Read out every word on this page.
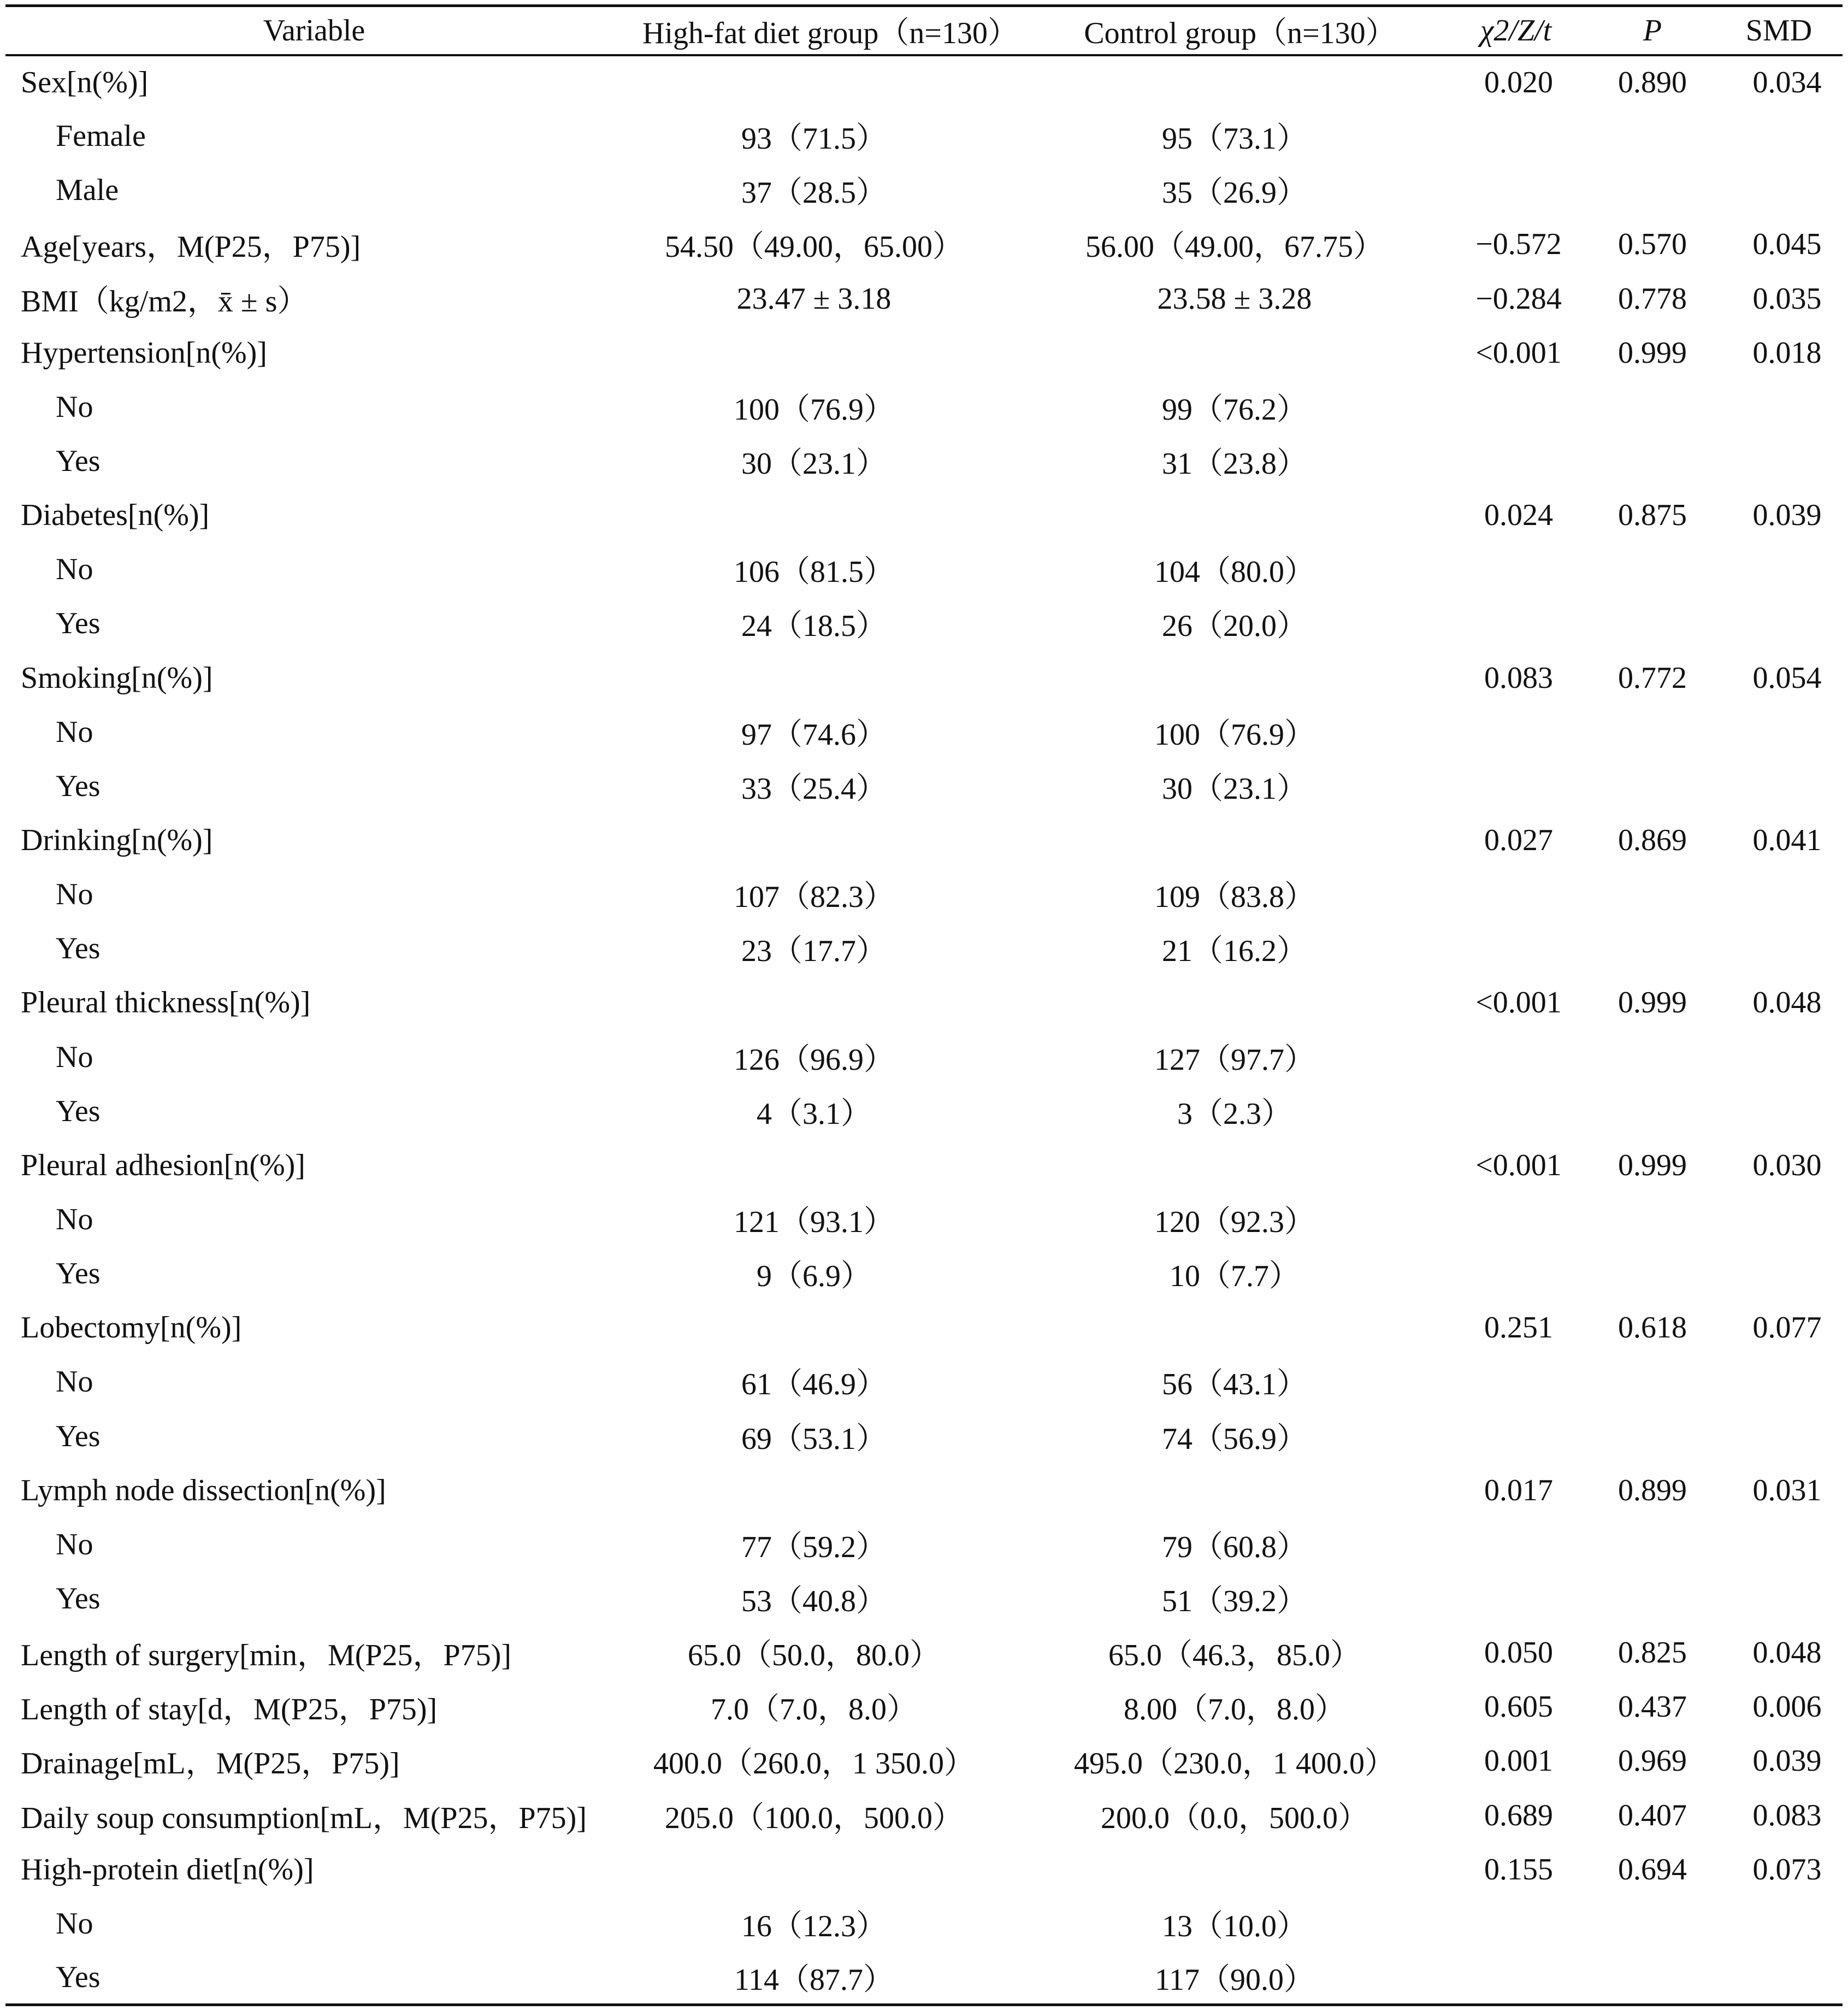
Variable	High-fat diet group（n=130）	Control group（n=130）	χ2/Z/t	P	SMD
Sex[n(%)]			0.020	0.890	0.034
Female	93（71.5）	95（73.1）			
Male	37（28.5）	35（26.9）			
Age[years，M(P25，P75)]	54.50（49.00，65.00）	56.00（49.00，67.75）	−0.572	0.570	0.045
BMI（kg/m2，x̄ ± s）	23.47 ± 3.18	23.58 ± 3.28	−0.284	0.778	0.035
Hypertension[n(%)]			<0.001	0.999	0.018
No	100（76.9）	99（76.2）			
Yes	30（23.1）	31（23.8）			
Diabetes[n(%)]			0.024	0.875	0.039
No	106（81.5）	104（80.0）			
Yes	24（18.5）	26（20.0）			
Smoking[n(%)]			0.083	0.772	0.054
No	97（74.6）	100（76.9）			
Yes	33（25.4）	30（23.1）			
Drinking[n(%)]			0.027	0.869	0.041
No	107（82.3）	109（83.8）			
Yes	23（17.7）	21（16.2）			
Pleural thickness[n(%)]			<0.001	0.999	0.048
No	126（96.9）	127（97.7）			
Yes	4（3.1）	3（2.3）			
Pleural adhesion[n(%)]			<0.001	0.999	0.030
No	121（93.1）	120（92.3）			
Yes	9（6.9）	10（7.7）			
Lobectomy[n(%)]			0.251	0.618	0.077
No	61（46.9）	56（43.1）			
Yes	69（53.1）	74（56.9）			
Lymph node dissection[n(%)]			0.017	0.899	0.031
No	77（59.2）	79（60.8）			
Yes	53（40.8）	51（39.2）			
Length of surgery[min，M(P25，P75)]	65.0（50.0，80.0）	65.0（46.3，85.0）	0.050	0.825	0.048
Length of stay[d，M(P25，P75)]	7.0（7.0，8.0）	8.00（7.0，8.0）	0.605	0.437	0.006
Drainage[mL，M(P25，P75)]	400.0（260.0，1 350.0）	495.0（230.0，1 400.0）	0.001	0.969	0.039
Daily soup consumption[mL，M(P25，P75)]	205.0（100.0，500.0）	200.0（0.0，500.0）	0.689	0.407	0.083
High-protein diet[n(%)]			0.155	0.694	0.073
No	16（12.3）	13（10.0）			
Yes	114（87.7）	117（90.0）			
